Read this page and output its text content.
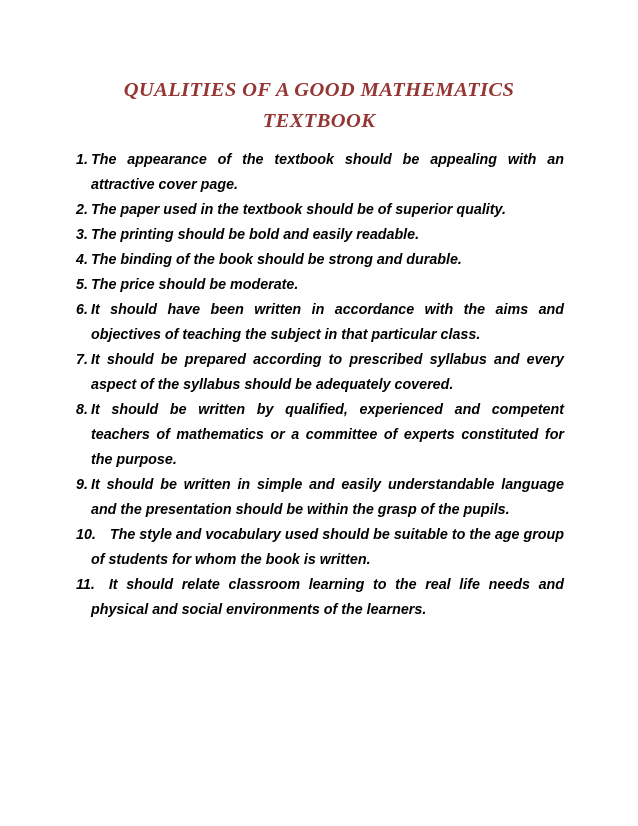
QUALITIES OF A GOOD MATHEMATICS
TEXTBOOK
1. The appearance of the textbook should be appealing with an attractive cover page.
2. The paper used in the textbook should be of superior quality.
3. The printing should be bold and easily readable.
4. The binding of the book should be strong and durable.
5. The price should be moderate.
6. It should have been written in accordance with the aims and objectives of teaching the subject in that particular class.
7. It should be prepared according to prescribed syllabus and every aspect of the syllabus should be adequately covered.
8. It should be written by qualified, experienced and competent teachers of mathematics or a committee of experts constituted for the purpose.
9. It should be written in simple and easily understandable language and the presentation should be within the grasp of the pupils.
10. The style and vocabulary used should be suitable to the age group of students for whom the book is written.
11. It should relate classroom learning to the real life needs and physical and social environments of the learners.
